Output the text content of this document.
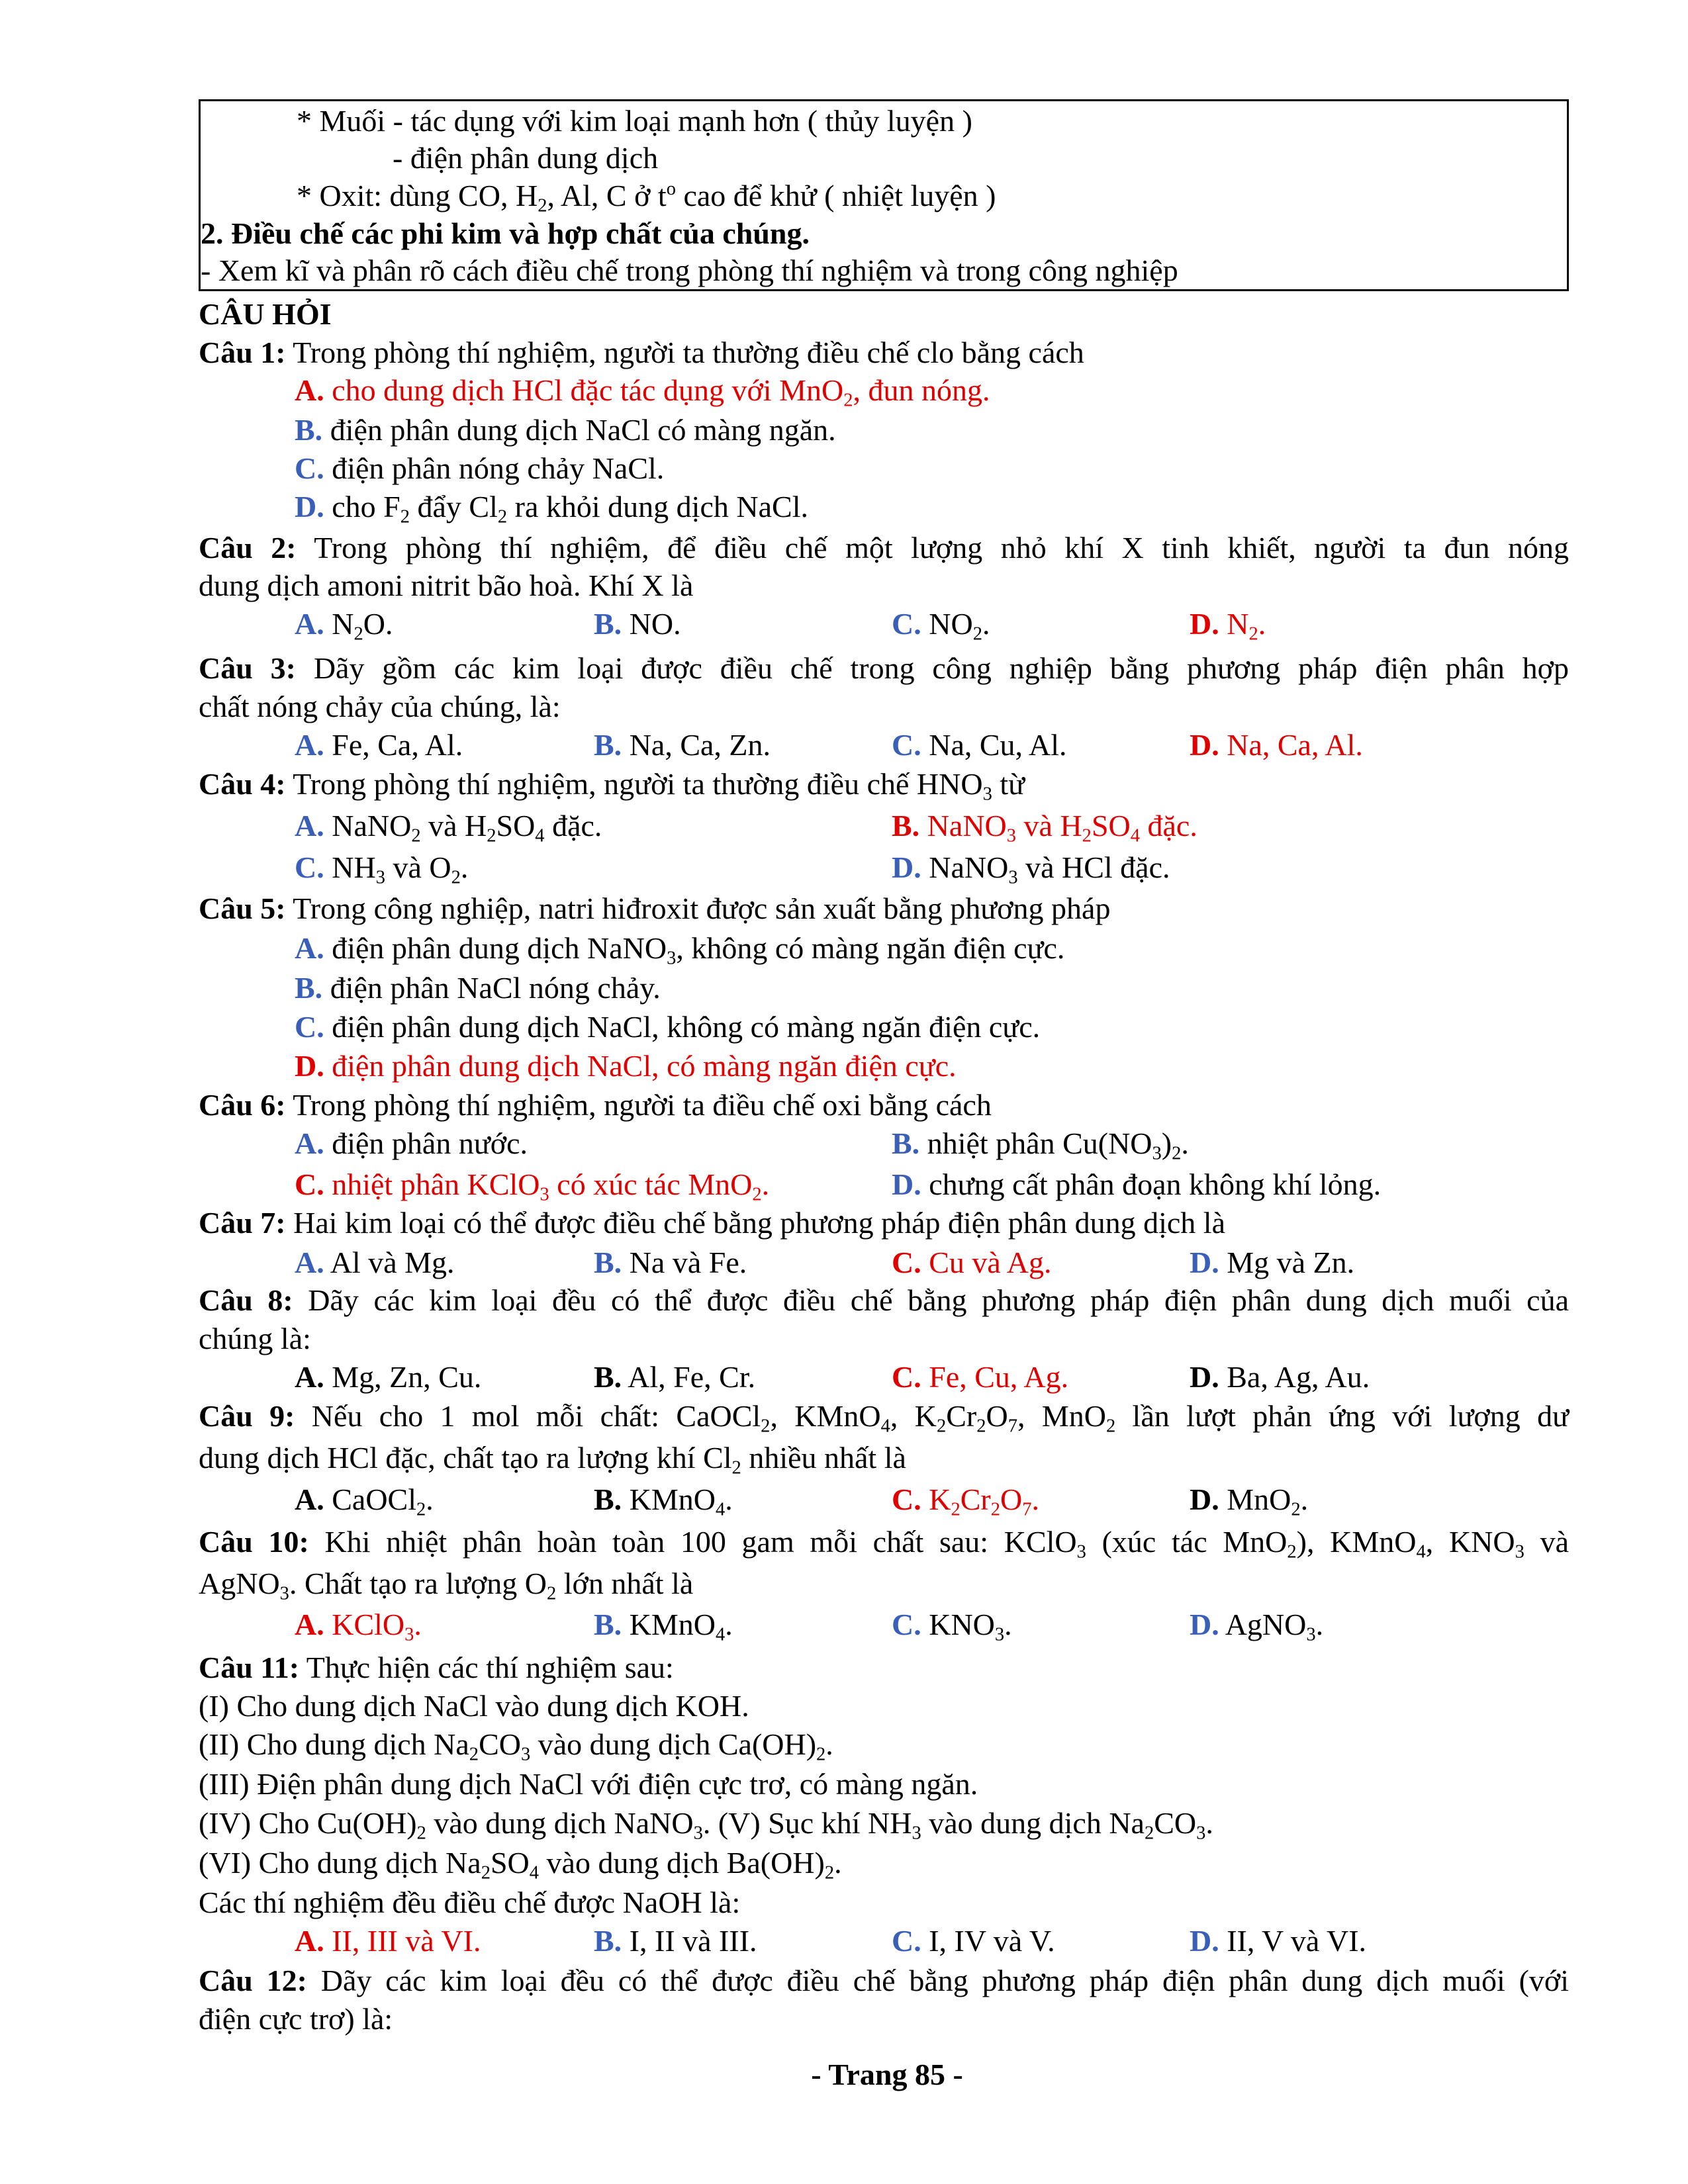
* Muối - tác dụng với kim loại mạnh hơn ( thủy luyện )
- điện phân dung dịch
* Oxit: dùng CO, $H_2$, Al, C ở $t^o$ cao để khử ( nhiệt luyện )
2. Điều chế các phi kim và hợp chất của chúng.
- Xem kĩ và phân rõ cách điều chế trong phòng thí nghiệm và trong công nghiệp
CÂU HỎI
Câu 1: Trong phòng thí nghiệm, người ta thường điều chế clo bằng cách
A. cho dung dịch HCl đặc tác dụng với MnO$_2$, đun nóng.
B. điện phân dung dịch NaCl có màng ngăn.
C. điện phân nóng chảy NaCl.
D. cho $F_2$ đẩy $Cl_2$ ra khỏi dung dịch NaCl.
Câu 2: Trong phòng thí nghiệm, để điều chế một lượng nhỏ khí X tinh khiết, người ta đun nóng
dung dịch amoni nitrit bão hoà. Khí X là
A. $N_2O$.	B. NO.	C. $NO_2$.	D. $N_2$.
Câu 3: Dãy gồm các kim loại được điều chế trong công nghiệp bằng phương pháp điện phân hợp
chất nóng chảy của chúng, là:
A. Fe, Ca, Al.	B. Na, Ca, Zn.	C. Na, Cu, Al.	D. Na, Ca, Al.
Câu 4: Trong phòng thí nghiệm, người ta thường điều chế $HNO_3$ từ
A. NaNO$_2$ và $H_2SO_4$ đặc.	B. NaNO$_3$ và $H_2SO_4$ đặc.
C. $NH_3$ và $O_2$.	D. NaNO$_3$ và HCl đặc.
Câu 5: Trong công nghiệp, natri hiđroxit được sản xuất bằng phương pháp
A. điện phân dung dịch NaNO$_3$, không có màng ngăn điện cực.
B. điện phân NaCl nóng chảy.
C. điện phân dung dịch NaCl, không có màng ngăn điện cực.
D. điện phân dung dịch NaCl, có màng ngăn điện cực.
Câu 6: Trong phòng thí nghiệm, người ta điều chế oxi bằng cách
A. điện phân nước.	B. nhiệt phân $Cu(NO_3)_2$.
C. nhiệt phân KClO$_3$ có xúc tác MnO$_2$.	D. chưng cất phân đoạn không khí lỏng.
Câu 7: Hai kim loại có thể được điều chế bằng phương pháp điện phân dung dịch là
A. Al và Mg.	B. Na và Fe.	C. Cu và Ag.	D. Mg và Zn.
Câu 8: Dãy các kim loại đều có thể được điều chế bằng phương pháp điện phân dung dịch muối của
chúng là:
A. Mg, Zn, Cu.	B. Al, Fe, Cr.	C. Fe, Cu, Ag.	D. Ba, Ag, Au.
Câu 9: Nếu cho 1 mol mỗi chất: CaOCl$_2$, KMnO$_4$, $K_2Cr_2O_7$, MnO$_2$ lần lượt phản ứng với lượng dư
dung dịch HCl đặc, chất tạo ra lượng khí $Cl_2$ nhiều nhất là
A. CaOCl$_2$.	B. KMnO$_4$.	C. $K_2Cr_2O_7$.	D. MnO$_2$.
Câu 10: Khi nhiệt phân hoàn toàn 100 gam mỗi chất sau: KClO$_3$ (xúc tác MnO$_2$), KMnO$_4$, $KNO_3$ và
AgNO$_3$. Chất tạo ra lượng $O_2$ lớn nhất là
A. KClO$_3$.	B. KMnO$_4$.	C. $KNO_3$.	D. AgNO$_3$.
Câu 11: Thực hiện các thí nghiệm sau:
(I) Cho dung dịch NaCl vào dung dịch KOH.
(II) Cho dung dịch $Na_2CO_3$ vào dung dịch $Ca(OH)_2$.
(III) Điện phân dung dịch NaCl với điện cực trơ, có màng ngăn.
(IV) Cho $Cu(OH)_2$ vào dung dịch NaNO$_3$. (V) Sục khí $NH_3$ vào dung dịch $Na_2CO_3$.
(VI) Cho dung dịch $Na_2SO_4$ vào dung dịch $Ba(OH)_2$.
Các thí nghiệm đều điều chế được NaOH là:
A. II, III và VI.	B. I, II và III.	C. I, IV và V.	D. II, V và VI.
Câu 12: Dãy các kim loại đều có thể được điều chế bằng phương pháp điện phân dung dịch muối (với
điện cực trơ) là:
- Trang 85 -
